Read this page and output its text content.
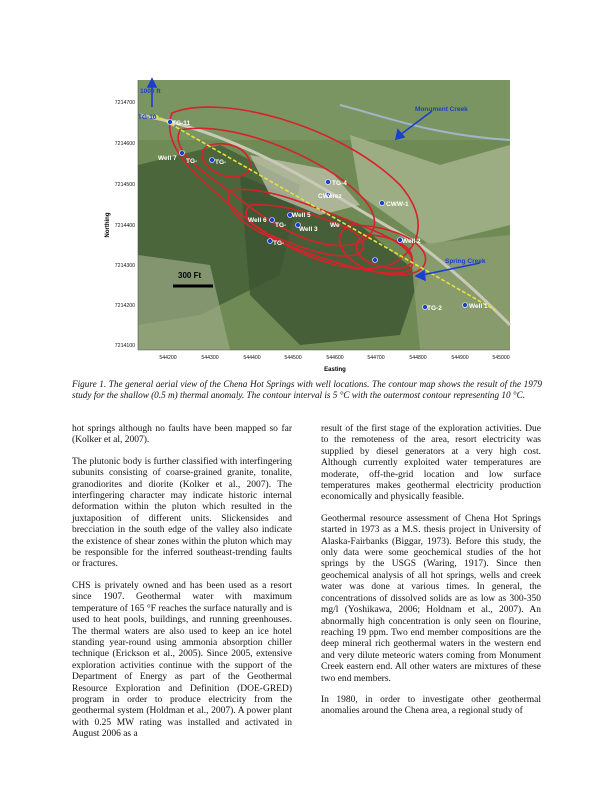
7214700
7214600
7214500
7214400
7214300
7214200
7214100
544200	544300	544400	544500	544600	544700	544800	544900	545000
Easting
Northing
1000 ft
TG-10
TG-11
Well 7 TG-	TG-
Monument Creek
TG-4
CWerez
CWW-1
Well 6
Well 5
TG-
Well 3
We
TG-	Well 2
Spring Creek
TG-2	Well 1
300 Ft
Figure 1. The general aerial view of the Chena Hot Springs with well locations. The contour map shows the result of the 1979 study for the shallow (0.5 m) thermal anomaly. The contour interval is 5 °C with the outermost contour representing 10 °C.

hot springs although no faults have been mapped so far (Kolker et al, 2007).

The plutonic body is further classified with interfingering subunits consisting of coarse-grained granite, tonalite, granodiorites and diorite (Kolker et al., 2007). The interfingering character may indicate historic internal deformation within the pluton which resulted in the juxtaposition of different units. Slickensides and brecciation in the south edge of the valley also indicate the existence of shear zones within the pluton which may be responsible for the inferred southeast-trending faults or fractures.

CHS is privately owned and has been used as a resort since 1907. Geothermal water with maximum temperature of 165 °F reaches the surface naturally and is used to heat pools, buildings, and running greenhouses. The thermal waters are also used to keep an ice hotel standing year-round using ammonia absorption chiller technique (Erickson et al., 2005). Since 2005, extensive exploration activities continue with the support of the Department of Energy as part of the Geothermal Resource Exploration and Definition (DOE-GRED) program in order to produce electricity from the geothermal system (Holdman et al., 2007). A power plant with 0.25 MW rating was installed and activated in August 2006 as a

result of the first stage of the exploration activities. Due to the remoteness of the area, resort electricity was supplied by diesel generators at a very high cost. Although currently exploited water temperatures are moderate, off-the-grid location and low surface temperatures makes geothermal electricity production economically and physically feasible.

Geothermal resource assessment of Chena Hot Springs started in 1973 as a M.S. thesis project in University of Alaska-Fairbanks (Biggar, 1973). Before this study, the only data were some geochemical studies of the hot springs by the USGS (Waring, 1917). Since then geochemical analysis of all hot springs, wells and creek water was done at various times. In general, the concentrations of dissolved solids are as low as 300-350 mg/l (Yoshikawa, 2006; Holdnam et al., 2007). An abnormally high concentration is only seen on flourine, reaching 19 ppm. Two end member compositions are the deep mineral rich geothermal waters in the western end and very dilute meteoric waters coming from Monument Creek eastern end. All other waters are mixtures of these two end members.

In 1980, in order to investigate other geothermal anomalies around the Chena area, a regional study of
